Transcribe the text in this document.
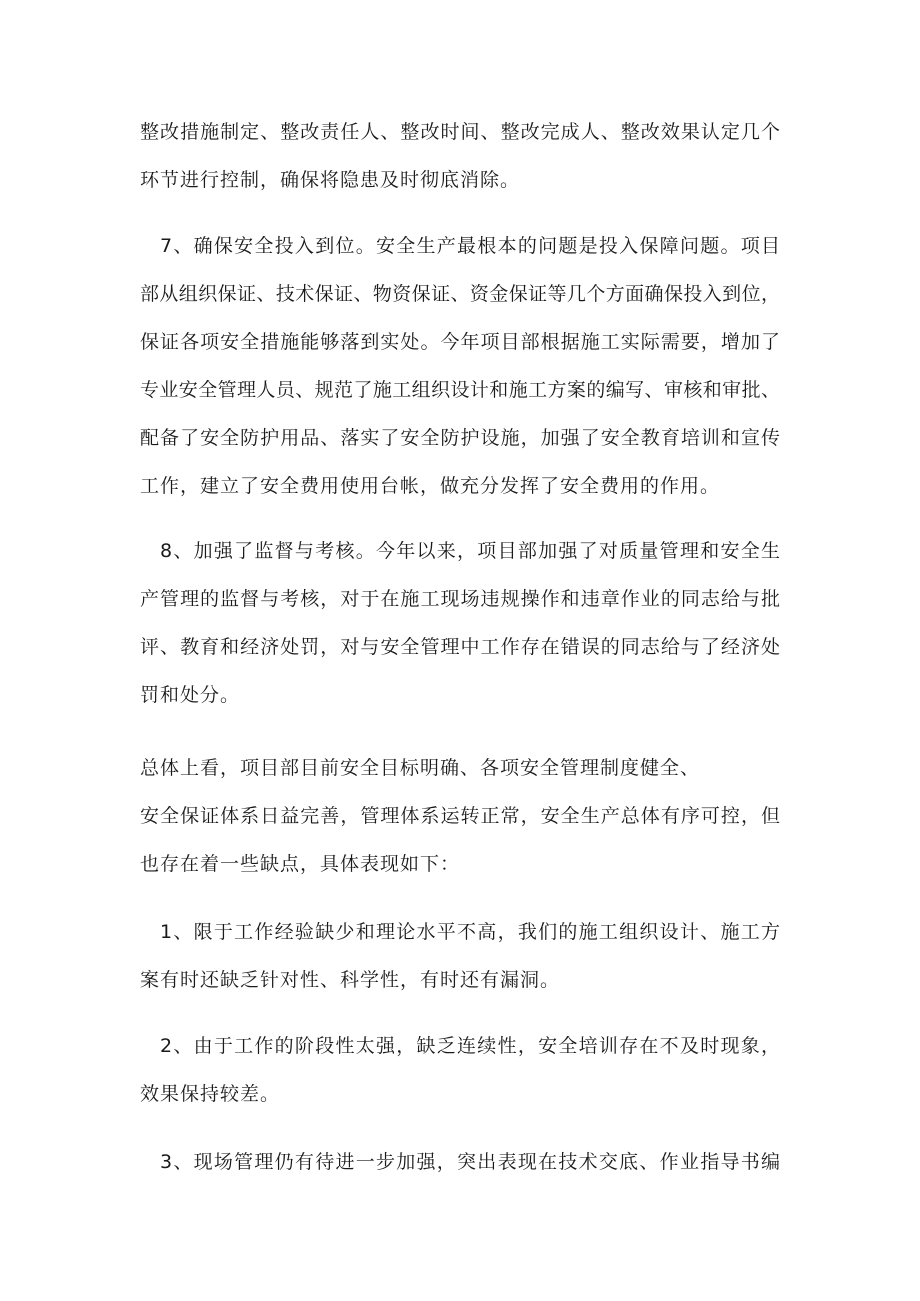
整改措施制定、整改责任人、整改时间、整改完成人、整改效果认定几个

环节进行控制，确保将隐患及时彻底消除。

7、确保安全投入到位。安全生产最根本的问题是投入保障问题。项目

部从组织保证、技术保证、物资保证、资金保证等几个方面确保投入到位，

保证各项安全措施能够落到实处。今年项目部根据施工实际需要，增加了

专业安全管理人员、规范了施工组织设计和施工方案的编写、审核和审批、

配备了安全防护用品、落实了安全防护设施，加强了安全教育培训和宣传

工作，建立了安全费用使用台帐，做充分发挥了安全费用的作用。

8、加强了监督与考核。今年以来，项目部加强了对质量管理和安全生

产管理的监督与考核，对于在施工现场违规操作和违章作业的同志给与批

评、教育和经济处罚，对与安全管理中工作存在错误的同志给与了经济处

罚和处分。

总体上看，项目部目前安全目标明确、各项安全管理制度健全、

安全保证体系日益完善，管理体系运转正常，安全生产总体有序可控，但

也存在着一些缺点，具体表现如下：

1、限于工作经验缺少和理论水平不高，我们的施工组织设计、施工方

案有时还缺乏针对性、科学性，有时还有漏洞。

2、由于工作的阶段性太强，缺乏连续性，安全培训存在不及时现象，

效果保持较差。

3、现场管理仍有待进一步加强，突出表现在技术交底、作业指导书编
